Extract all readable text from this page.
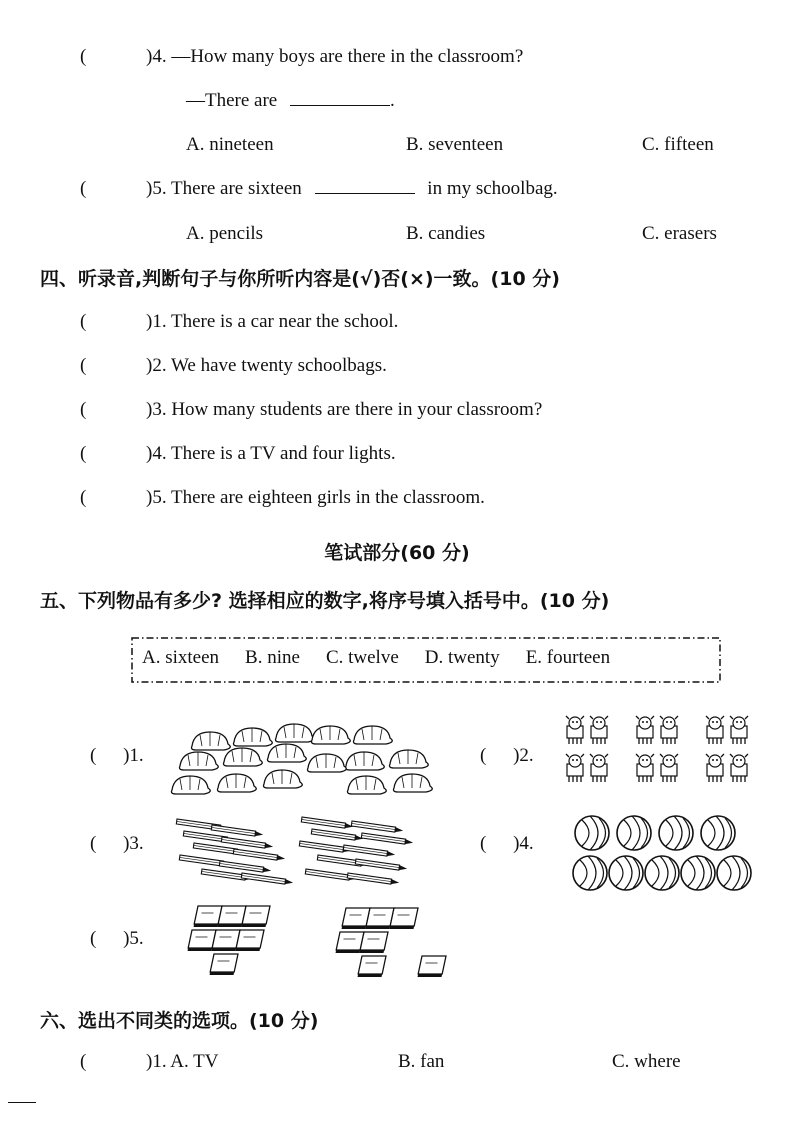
(	)4. —How many boys are there in the classroom?
—There are	.
A. nineteen	B. seventeen	C. fifteen
(	)5. There are sixteen	in my schoolbag.
A. pencils	B. candies	C. erasers
四、听录音,判断句子与你所听内容是(√)否(×)一致。(10 分)
(	)1. There is a car near the school.
(	)2. We have twenty schoolbags.
(	)3. How many students are there in your classroom?
(	)4. There is a TV and four lights.
(	)5. There are eighteen girls in the classroom.
笔试部分(60 分)
五、下列物品有多少? 选择相应的数字,将序号填入括号中。(10 分)
A. sixteen B. nine C. twelve D. twenty E. fourteen
( )1.	( )2.
( )3.	( )4.
( )5.
六、选出不同类的选项。(10 分)
(	)1. A. TV	B. fan	C. where
